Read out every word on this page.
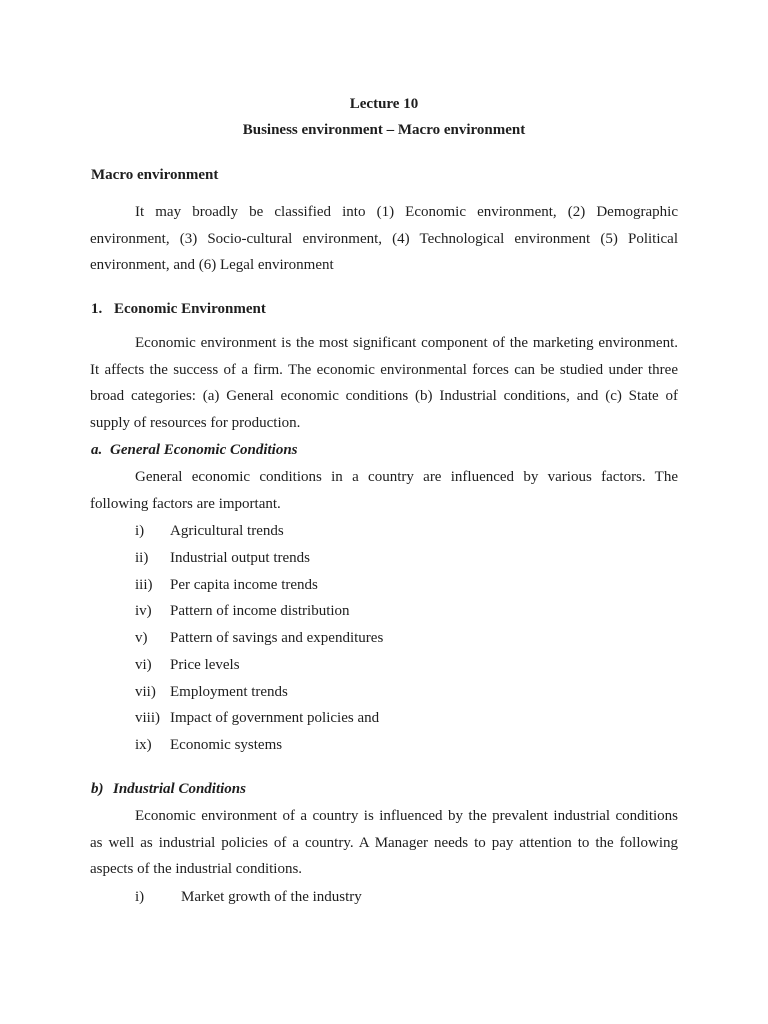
Lecture 10
Business environment – Macro environment
Macro environment
It may broadly be classified into (1) Economic environment, (2) Demographic
environment, (3) Socio-cultural environment, (4) Technological environment (5) Political
environment, and (6) Legal environment
1. Economic Environment
Economic environment is the most significant component of the marketing environment.
It affects the success of a firm. The economic environmental forces can be studied under three
broad categories: (a) General economic conditions (b) Industrial conditions, and (c) State of
supply of resources for production.
a. General Economic Conditions
General economic conditions in a country are influenced by various factors. The
following factors are important.
i) Agricultural trends
ii) Industrial output trends
iii) Per capita income trends
iv) Pattern of income distribution
v) Pattern of savings and expenditures
vi) Price levels
vii) Employment trends
viii) Impact of government policies and
ix) Economic systems
b) Industrial Conditions
Economic environment of a country is influenced by the prevalent industrial conditions
as well as industrial policies of a country. A Manager needs to pay attention to the following
aspects of the industrial conditions.
i) Market growth of the industry
